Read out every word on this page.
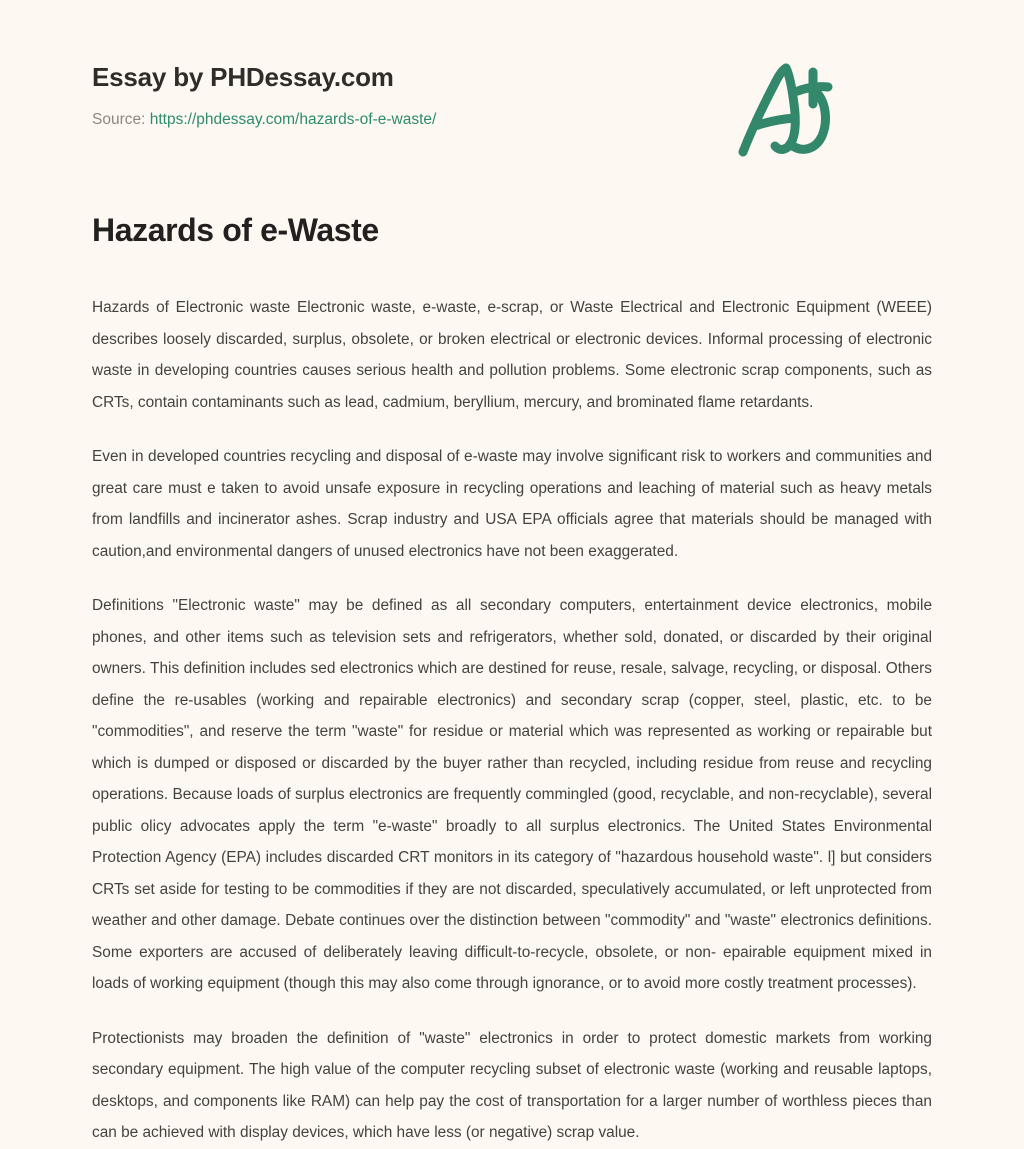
Essay by PHDessay.com
Source: https://phdessay.com/hazards-of-e-waste/
Hazards of e-Waste

Hazards of Electronic waste Electronic waste, e-waste, e-scrap, or Waste Electrical and Electronic Equipment (WEEE) describes loosely discarded, surplus, obsolete, or broken electrical or electronic devices. Informal processing of electronic waste in developing countries causes serious health and pollution problems. Some electronic scrap components, such as CRTs, contain contaminants such as lead, cadmium, beryllium, mercury, and brominated flame retardants.

Even in developed countries recycling and disposal of e-waste may involve significant risk to workers and communities and great care must e taken to avoid unsafe exposure in recycling operations and leaching of material such as heavy metals from landfills and incinerator ashes. Scrap industry and USA EPA officials agree that materials should be managed with caution,and environmental dangers of unused electronics have not been exaggerated.

Definitions "Electronic waste" may be defined as all secondary computers, entertainment device electronics, mobile phones, and other items such as television sets and refrigerators, whether sold, donated, or discarded by their original owners. This definition includes sed electronics which are destined for reuse, resale, salvage, recycling, or disposal. Others define the re-usables (working and repairable electronics) and secondary scrap (copper, steel, plastic, etc. to be "commodities", and reserve the term "waste" for residue or material which was represented as working or repairable but which is dumped or disposed or discarded by the buyer rather than recycled, including residue from reuse and recycling operations. Because loads of surplus electronics are frequently commingled (good, recyclable, and non-recyclable), several public olicy advocates apply the term "e-waste" broadly to all surplus electronics. The United States Environmental Protection Agency (EPA) includes discarded CRT monitors in its category of "hazardous household waste". l] but considers CRTs set aside for testing to be commodities if they are not discarded, speculatively accumulated, or left unprotected from weather and other damage. Debate continues over the distinction between "commodity" and "waste" electronics definitions. Some exporters are accused of deliberately leaving difficult-to-recycle, obsolete, or non- epairable equipment mixed in loads of working equipment (though this may also come through ignorance, or to avoid more costly treatment processes).

Protectionists may broaden the definition of "waste" electronics in order to protect domestic markets from working secondary equipment. The high value of the computer recycling subset of electronic waste (working and reusable laptops, desktops, and components like RAM) can help pay the cost of transportation for a larger number of worthless pieces than can be achieved with display devices, which have less (or negative) scrap value.
